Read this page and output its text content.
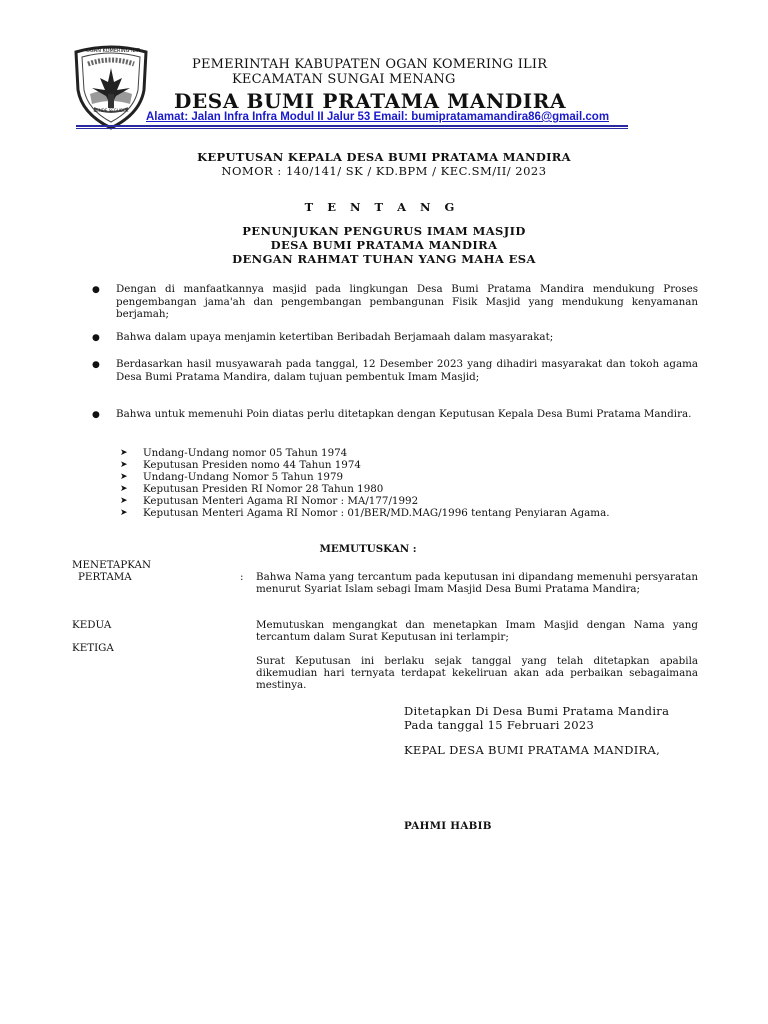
OGAN KOMERING ILIR
BENDE SEGUGUK
PEMERINTAH KABUPATEN OGAN KOMERING ILIR
KECAMATAN SUNGAI MENANG
DESA BUMI PRATAMA MANDIRA
Alamat: Jalan Infra Infra Modul II Jalur 53 Email: bumipratamamandira86@gmail.com
KEPUTUSAN KEPALA DESA BUMI PRATAMA MANDIRA
NOMOR : 140/141/ SK / KD.BPM / KEC.SM/II/ 2023
T E N T A N G
PENUNJUKAN PENGURUS IMAM MASJID
DESA BUMI PRATAMA MANDIRA
DENGAN RAHMAT TUHAN YANG MAHA ESA
● Dengan di manfaatkannya masjid pada lingkungan Desa Bumi Pratama Mandira mendukung Proses pengembangan jama'ah dan pengembangan pembangunan Fisik Masjid yang mendukung kenyamanan berjamah;
● Bahwa dalam upaya menjamin ketertiban Beribadah Berjamaah dalam masyarakat;
● Berdasarkan hasil musyawarah pada tanggal, 12 Desember 2023 yang dihadiri masyarakat dan tokoh agama Desa Bumi Pratama Mandira, dalam tujuan pembentuk Imam Masjid;
● Bahwa untuk memenuhi Poin diatas perlu ditetapkan dengan Keputusan Kepala Desa Bumi Pratama Mandira.
➤ Undang-Undang nomor 05 Tahun 1974
➤ Keputusan Presiden nomo 44 Tahun 1974
➤ Undang-Undang Nomor 5 Tahun 1979
➤ Keputusan Presiden RI Nomor 28 Tahun 1980
➤ Keputusan Menteri Agama RI Nomor : MA/177/1992
➤ Keputusan Menteri Agama RI Nomor : 01/BER/MD.MAG/1996 tentang Penyiaran Agama.
MEMUTUSKAN :
MENETAPKAN
PERTAMA	: Bahwa Nama yang tercantum pada keputusan ini dipandang memenuhi persyaratan menurut Syariat Islam sebagi Imam Masjid Desa Bumi Pratama Mandira;
KEDUA	Memutuskan mengangkat dan menetapkan Imam Masjid dengan Nama yang tercantum dalam Surat Keputusan ini terlampir;
KETIGA
Surat Keputusan ini berlaku sejak tanggal yang telah ditetapkan apabila dikemudian hari ternyata terdapat kekeliruan akan ada perbaikan sebagaimana mestinya.
Ditetapkan Di Desa Bumi Pratama Mandira
Pada tanggal 15 Februari 2023
KEPAL DESA BUMI PRATAMA MANDIRA,
PAHMI HABIB
